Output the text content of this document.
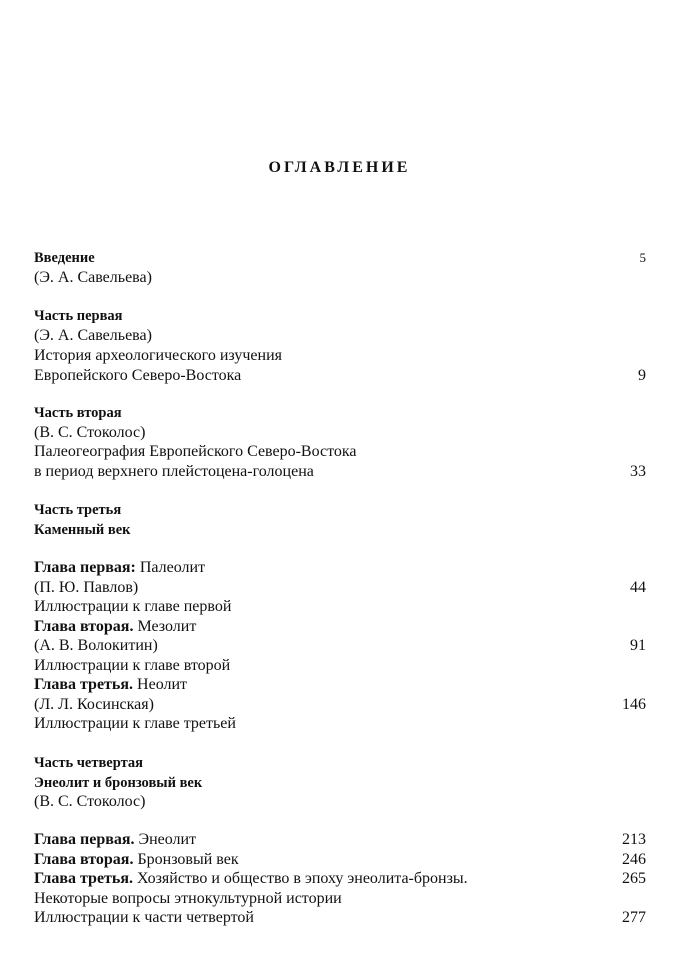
ОГЛАВЛЕНИЕ
Введение	5
(Э. А. Савельева)
Часть первая
(Э. А. Савельева)
История археологического изучения
Европейского Северо-Востока	9
Часть вторая
(В. С. Стоколос)
Палеогеография Европейского Северо-Востока
в период верхнего плейстоцена-голоцена	33
Часть третья
Каменный век
Глава первая: Палеолит
(П. Ю. Павлов)	44
Иллюстрации к главе первой
Глава вторая. Мезолит
(А. В. Волокитин)	91
Иллюстрации к главе второй
Глава третья. Неолит
(Л. Л. Косинская)	146
Иллюстрации к главе третьей
Часть четвертая
Энеолит и бронзовый век
(В. С. Стоколос)
Глава первая. Энеолит	213
Глава вторая. Бронзовый век	246
Глава третья. Хозяйство и общество в эпоху энеолита-бронзы.	265
Некоторые вопросы этнокультурной истории
Иллюстрации к части четвертой	277
